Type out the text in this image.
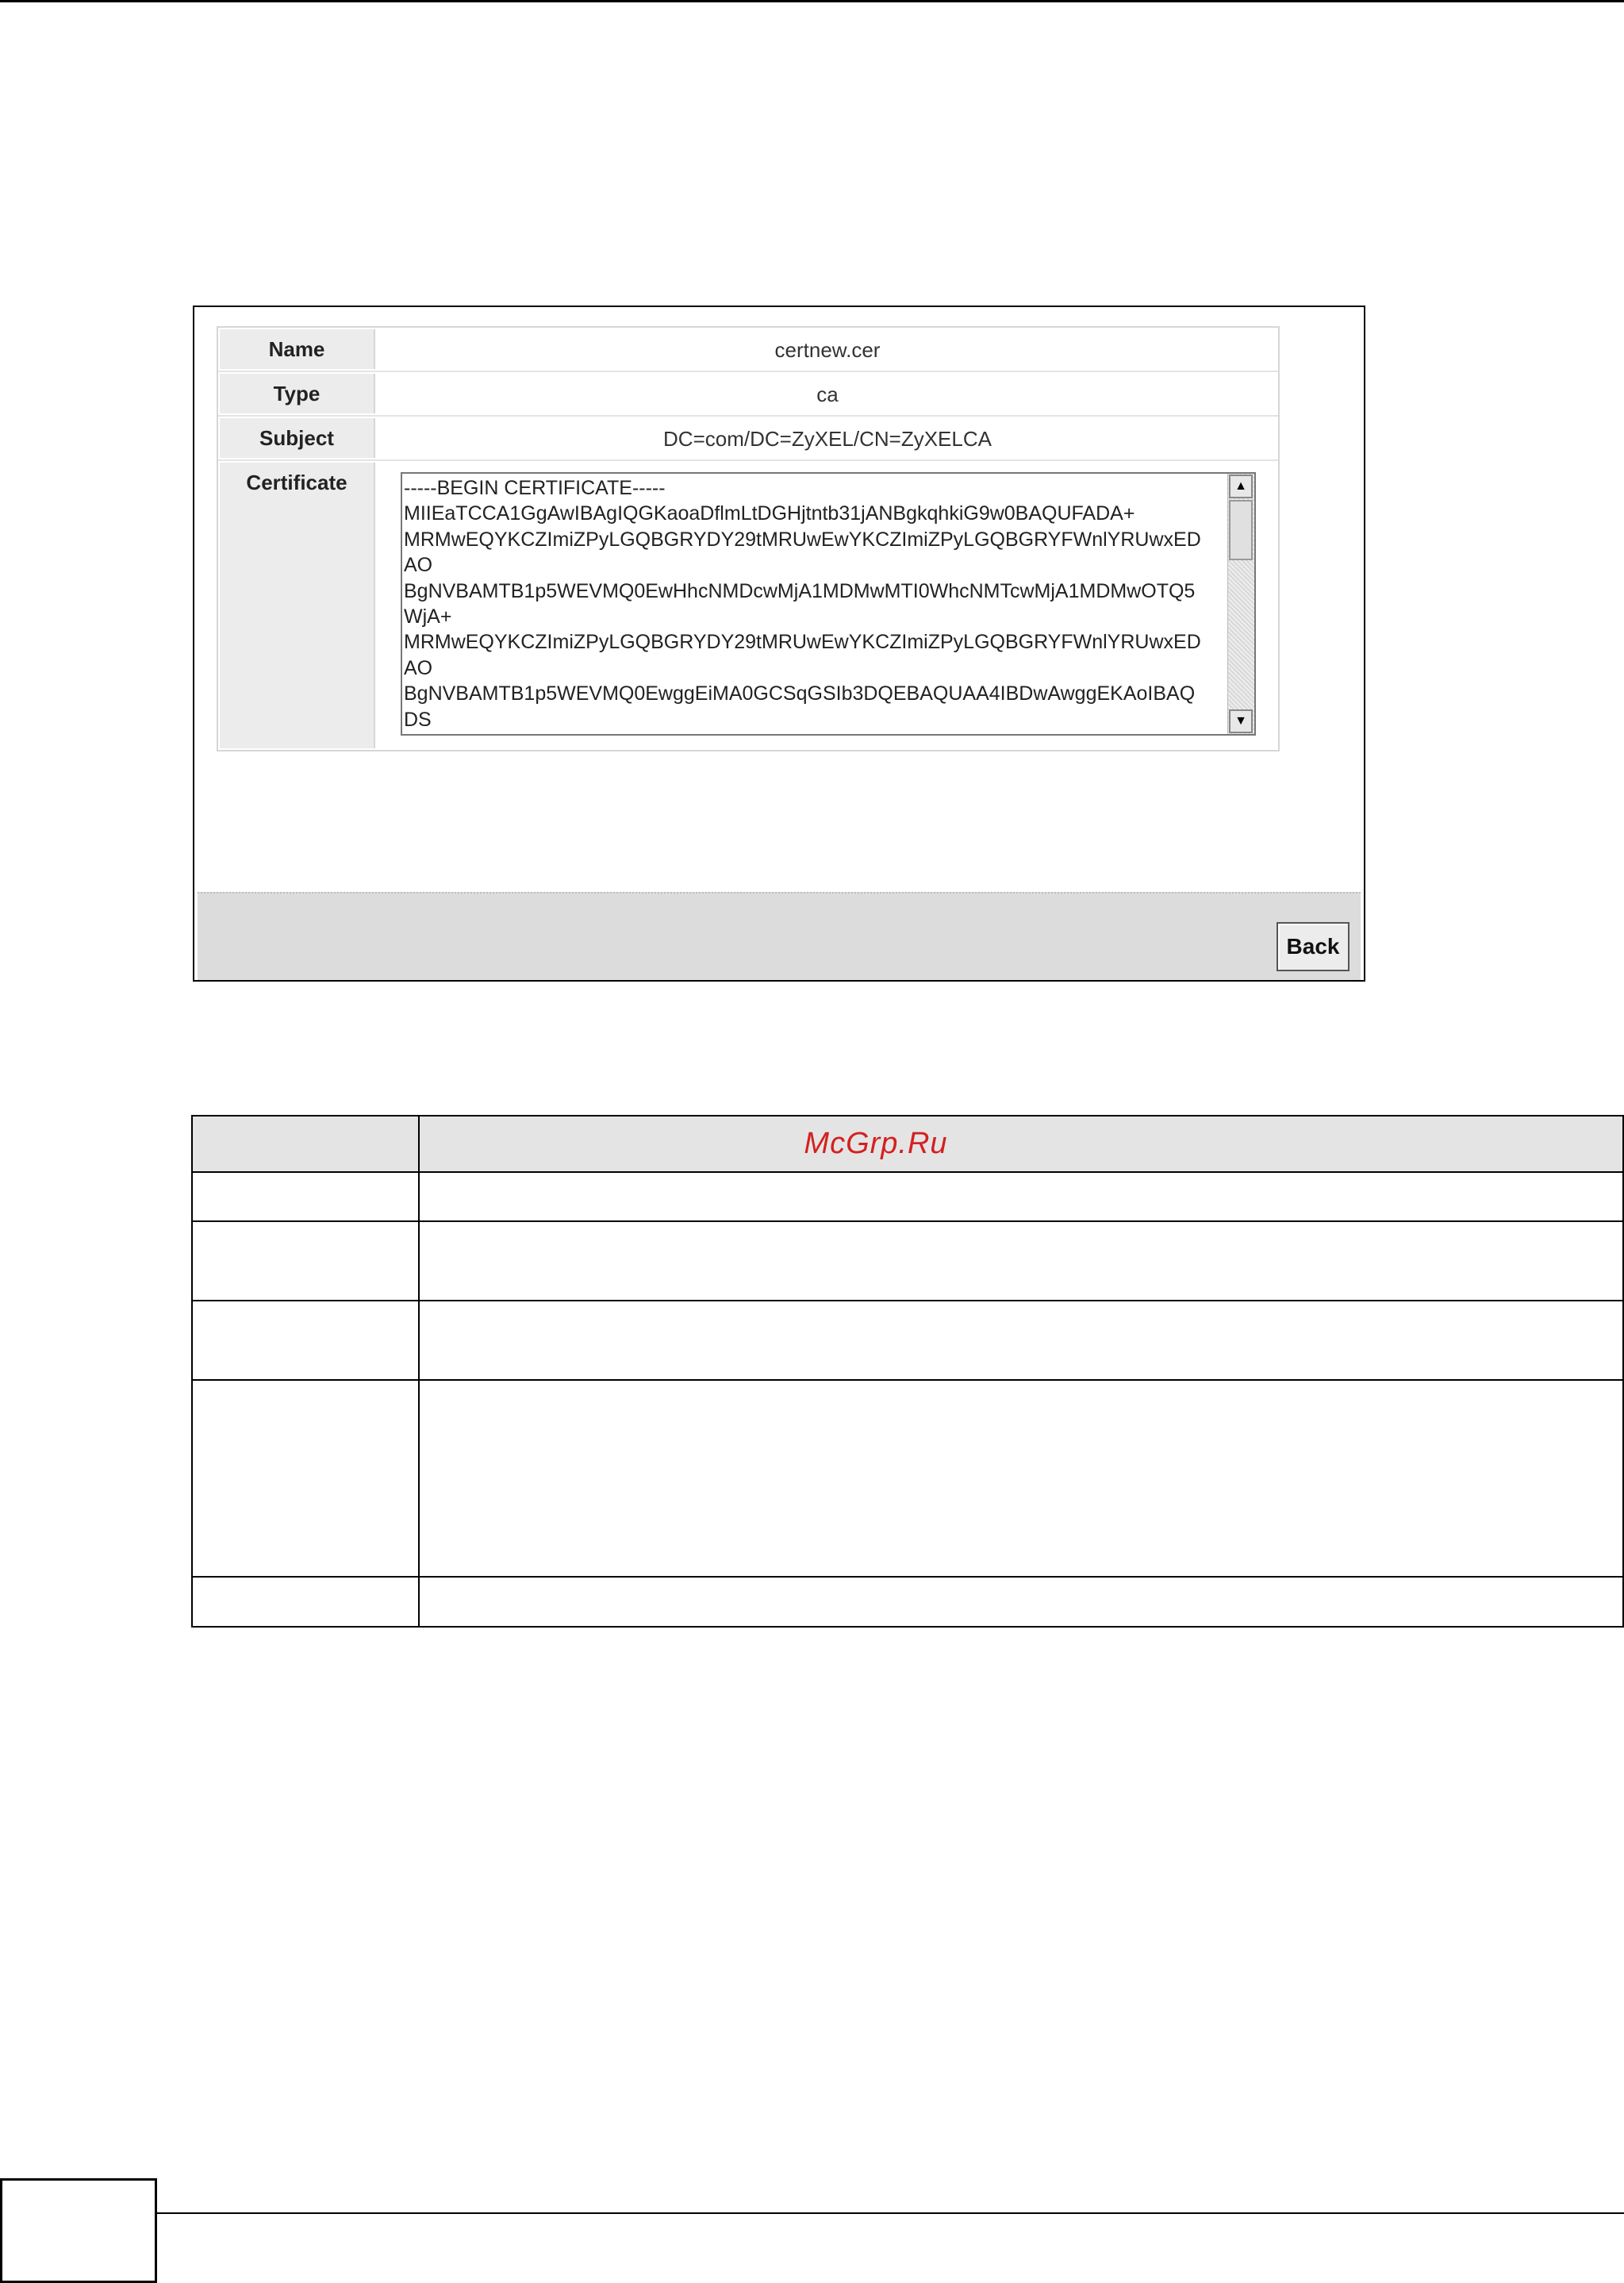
Name	certnew.cer
Type	ca
Subject	DC=com/DC=ZyXEL/CN=ZyXELCA
Certificate	-----BEGIN CERTIFICATE-----
MIIEaTCCA1GgAwIBAgIQGKaoaDflmLtDGHjtntb31jANBgkqhkiG9w0BAQUFADA+
MRMwEQYKCZImiZPyLGQBGRYDY29tMRUwEwYKCZImiZPyLGQBGRYFWnlYRUwxED
AO
BgNVBAMTB1p5WEVMQ0EwHhcNMDcwMjA1MDMwMTI0WhcNMTcwMjA1MDMwOTQ5
WjA+
MRMwEQYKCZImiZPyLGQBGRYDY29tMRUwEwYKCZImiZPyLGQBGRYFWnlYRUwxED
AO
BgNVBAMTB1p5WEVMQ0EwggEiMA0GCSqGSIb3DQEBAQUAA4IBDwAwggEKAoIBAQ
DS
▲
▼
Back
	McGrp.Ru
